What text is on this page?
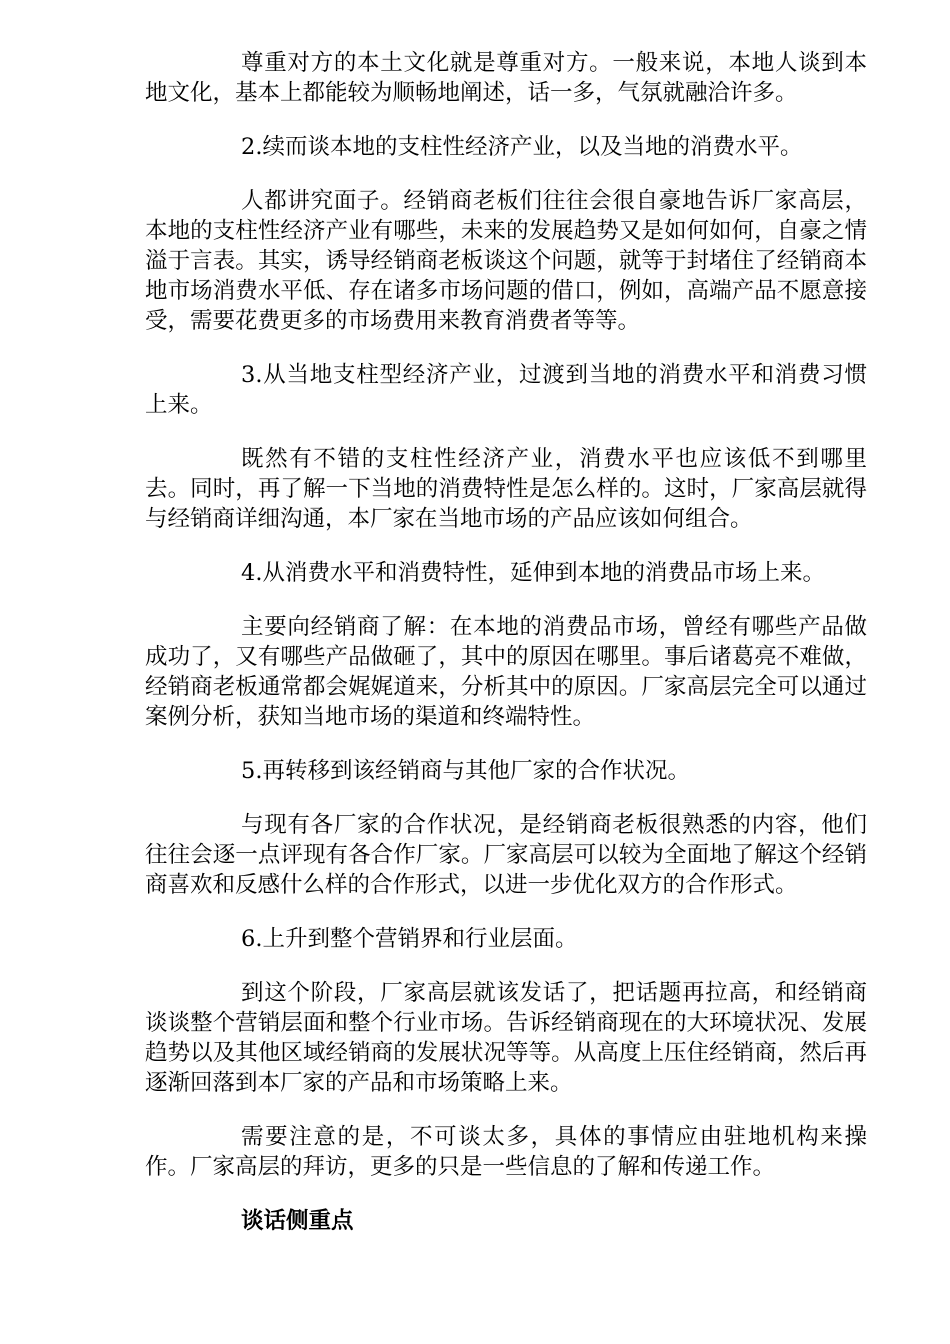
尊重对方的本土文化就是尊重对方。一般来说，本地人谈到本地文化，基本上都能较为顺畅地阐述，话一多，气氛就融洽许多。

2.续而谈本地的支柱性经济产业，以及当地的消费水平。

人都讲究面子。经销商老板们往往会很自豪地告诉厂家高层，本地的支柱性经济产业有哪些，未来的发展趋势又是如何如何，自豪之情溢于言表。其实，诱导经销商老板谈这个问题，就等于封堵住了经销商本地市场消费水平低、存在诸多市场问题的借口，例如，高端产品不愿意接受，需要花费更多的市场费用来教育消费者等等。

3.从当地支柱型经济产业，过渡到当地的消费水平和消费习惯上来。

既然有不错的支柱性经济产业，消费水平也应该低不到哪里去。同时，再了解一下当地的消费特性是怎么样的。这时，厂家高层就得与经销商详细沟通，本厂家在当地市场的产品应该如何组合。

4.从消费水平和消费特性，延伸到本地的消费品市场上来。

主要向经销商了解：在本地的消费品市场，曾经有哪些产品做成功了，又有哪些产品做砸了，其中的原因在哪里。事后诸葛亮不难做，经销商老板通常都会娓娓道来，分析其中的原因。厂家高层完全可以通过案例分析，获知当地市场的渠道和终端特性。

5.再转移到该经销商与其他厂家的合作状况。

与现有各厂家的合作状况，是经销商老板很熟悉的内容，他们往往会逐一点评现有各合作厂家。厂家高层可以较为全面地了解这个经销商喜欢和反感什么样的合作形式，以进一步优化双方的合作形式。

6.上升到整个营销界和行业层面。

到这个阶段，厂家高层就该发话了，把话题再拉高，和经销商谈谈整个营销层面和整个行业市场。告诉经销商现在的大环境状况、发展趋势以及其他区域经销商的发展状况等等。从高度上压住经销商，然后再逐渐回落到本厂家的产品和市场策略上来。

需要注意的是，不可谈太多，具体的事情应由驻地机构来操作。厂家高层的拜访，更多的只是一些信息的了解和传递工作。

谈话侧重点
